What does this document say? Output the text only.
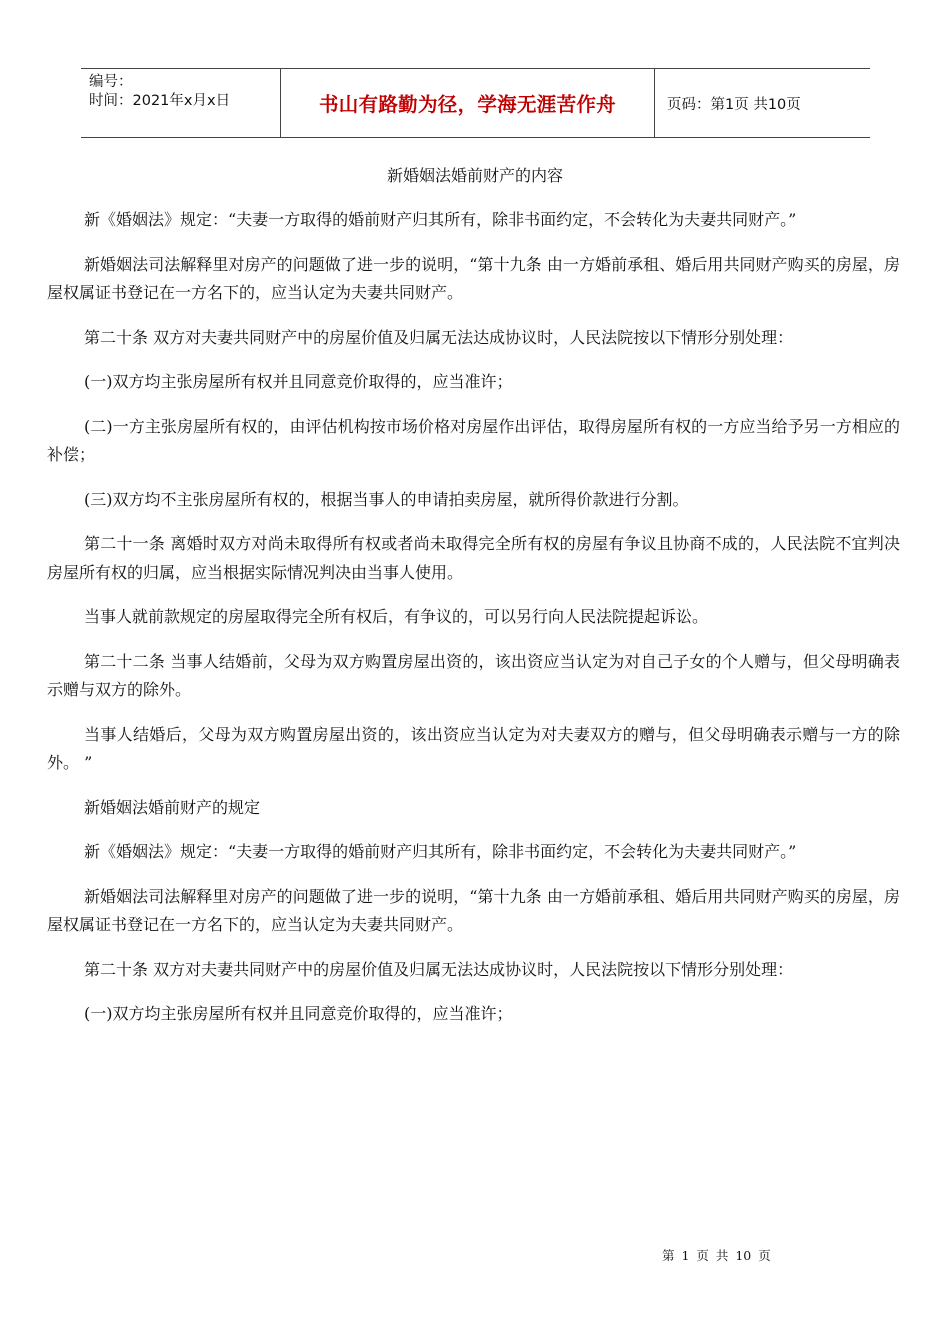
编号：
时间：2021年x月x日	书山有路勤为径，学海无涯苦作舟	页码：第1页 共10页
新婚姻法婚前财产的内容

新《婚姻法》规定：“夫妻一方取得的婚前财产归其所有，除非书面约定，不会转化为夫妻共同财产。”

新婚姻法司法解释里对房产的问题做了进一步的说明，“第十九条 由一方婚前承租、婚后用共同财产购买的房屋，房屋权属证书登记在一方名下的，应当认定为夫妻共同财产。

第二十条 双方对夫妻共同财产中的房屋价值及归属无法达成协议时，人民法院按以下情形分别处理：

(一)双方均主张房屋所有权并且同意竞价取得的，应当准许；

(二)一方主张房屋所有权的，由评估机构按市场价格对房屋作出评估，取得房屋所有权的一方应当给予另一方相应的补偿；

(三)双方均不主张房屋所有权的，根据当事人的申请拍卖房屋，就所得价款进行分割。

第二十一条 离婚时双方对尚未取得所有权或者尚未取得完全所有权的房屋有争议且协商不成的，人民法院不宜判决房屋所有权的归属，应当根据实际情况判决由当事人使用。

当事人就前款规定的房屋取得完全所有权后，有争议的，可以另行向人民法院提起诉讼。

第二十二条 当事人结婚前，父母为双方购置房屋出资的，该出资应当认定为对自己子女的个人赠与，但父母明确表示赠与双方的除外。

当事人结婚后，父母为双方购置房屋出资的，该出资应当认定为对夫妻双方的赠与，但父母明确表示赠与一方的除外。 ”

新婚姻法婚前财产的规定

新《婚姻法》规定：“夫妻一方取得的婚前财产归其所有，除非书面约定，不会转化为夫妻共同财产。”

新婚姻法司法解释里对房产的问题做了进一步的说明，“第十九条 由一方婚前承租、婚后用共同财产购买的房屋，房屋权属证书登记在一方名下的，应当认定为夫妻共同财产。

第二十条 双方对夫妻共同财产中的房屋价值及归属无法达成协议时，人民法院按以下情形分别处理：

(一)双方均主张房屋所有权并且同意竞价取得的，应当准许；

第 1 页 共 10 页
